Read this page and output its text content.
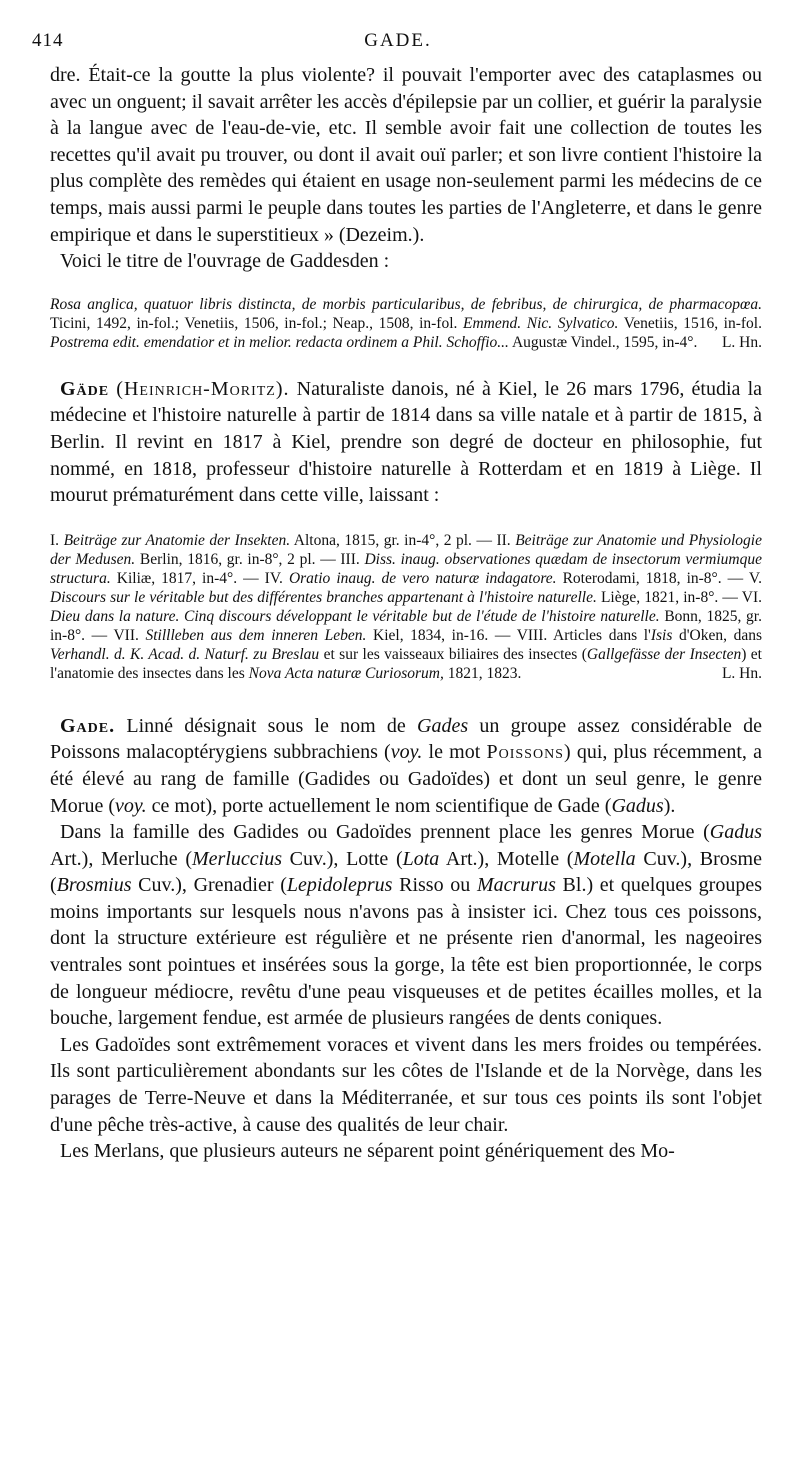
414	GADE.

dre. Était-ce la goutte la plus violente? il pouvait l'emporter avec des cataplasmes ou avec un onguent; il savait arrêter les accès d'épilepsie par un collier, et guérir la paralysie à la langue avec de l'eau-de-vie, etc. Il semble avoir fait une collection de toutes les recettes qu'il avait pu trouver, ou dont il avait ouï parler; et son livre contient l'histoire la plus complète des remèdes qui étaient en usage non-seulement parmi les médecins de ce temps, mais aussi parmi le peuple dans toutes les parties de l'Angleterre, et dans le genre empirique et dans le superstitieux » (Dezeim.).

Voici le titre de l'ouvrage de Gaddesden :

Rosa anglica, quatuor libris distincta, de morbis particularibus, de febribus, de chirurgica, de pharmacopœa. Ticini, 1492, in-fol.; Venetiis, 1506, in-fol.; Neap., 1508, in-fol. Emmend. Nic. Sylvatico. Venetiis, 1516, in-fol. Postrema edit. emendatior et in melior. redacta ordinem a Phil. Schoffio... Augustæ Vindel., 1595, in-4°. L. Hn.

Gäde (Heinrich-Moritz). Naturaliste danois, né à Kiel, le 26 mars 1796, étudia la médecine et l'histoire naturelle à partir de 1814 dans sa ville natale et à partir de 1815, à Berlin. Il revint en 1817 à Kiel, prendre son degré de docteur en philosophie, fut nommé, en 1818, professeur d'histoire naturelle à Rotterdam et en 1819 à Liège. Il mourut prématurément dans cette ville, laissant :

I. Beiträge zur Anatomie der Insekten. Altona, 1815, gr. in-4°, 2 pl. — II. Beiträge zur Anatomie und Physiologie der Medusen. Berlin, 1816, gr. in-8°, 2 pl. — III. Diss. inaug. observationes quædam de insectorum vermiumque structura. Kiliæ, 1817, in-4°. — IV. Oratio inaug. de vero naturæ indagatore. Roterodami, 1818, in-8°. — V. Discours sur le véritable but des différentes branches appartenant à l'histoire naturelle. Liège, 1821, in-8°. — VI. Dieu dans la nature. Cinq discours développant le véritable but de l'étude de l'histoire naturelle. Bonn, 1825, gr. in-8°. — VII. Stillleben aus dem inneren Leben. Kiel, 1834, in-16. — VIII. Articles dans l'Isis d'Oken, dans Verhandl. d. K. Acad. d. Naturf. zu Breslau et sur les vaisseaux biliaires des insectes (Gallgefässe der Insecten) et l'anatomie des insectes dans les Nova Acta naturæ Curiosorum, 1821, 1823.	L. Hn.

Gade. Linné désignait sous le nom de Gades un groupe assez considérable de Poissons malacoptérygiens subbrachiens (voy. le mot Poissons) qui, plus récemment, a été élevé au rang de famille (Gadides ou Gadoïdes) et dont un seul genre, le genre Morue (voy. ce mot), porte actuellement le nom scientifique de Gade (Gadus).

Dans la famille des Gadides ou Gadoïdes prennent place les genres Morue (Gadus Art.), Merluche (Merluccius Cuv.), Lotte (Lota Art.), Motelle (Motella Cuv.), Brosme (Brosmius Cuv.), Grenadier (Lepidoleprus Risso ou Macrurus Bl.) et quelques groupes moins importants sur lesquels nous n'avons pas à insister ici. Chez tous ces poissons, dont la structure extérieure est régulière et ne présente rien d'anormal, les nageoires ventrales sont pointues et insérées sous la gorge, la tête est bien proportionnée, le corps de longueur médiocre, revêtu d'une peau visqueuses et de petites écailles molles, et la bouche, largement fendue, est armée de plusieurs rangées de dents coniques.

Les Gadoïdes sont extrêmement voraces et vivent dans les mers froides ou tempérées. Ils sont particulièrement abondants sur les côtes de l'Islande et de la Norvège, dans les parages de Terre-Neuve et dans la Méditerranée, et sur tous ces points ils sont l'objet d'une pêche très-active, à cause des qualités de leur chair.

Les Merlans, que plusieurs auteurs ne séparent point génériquement des Mo-
